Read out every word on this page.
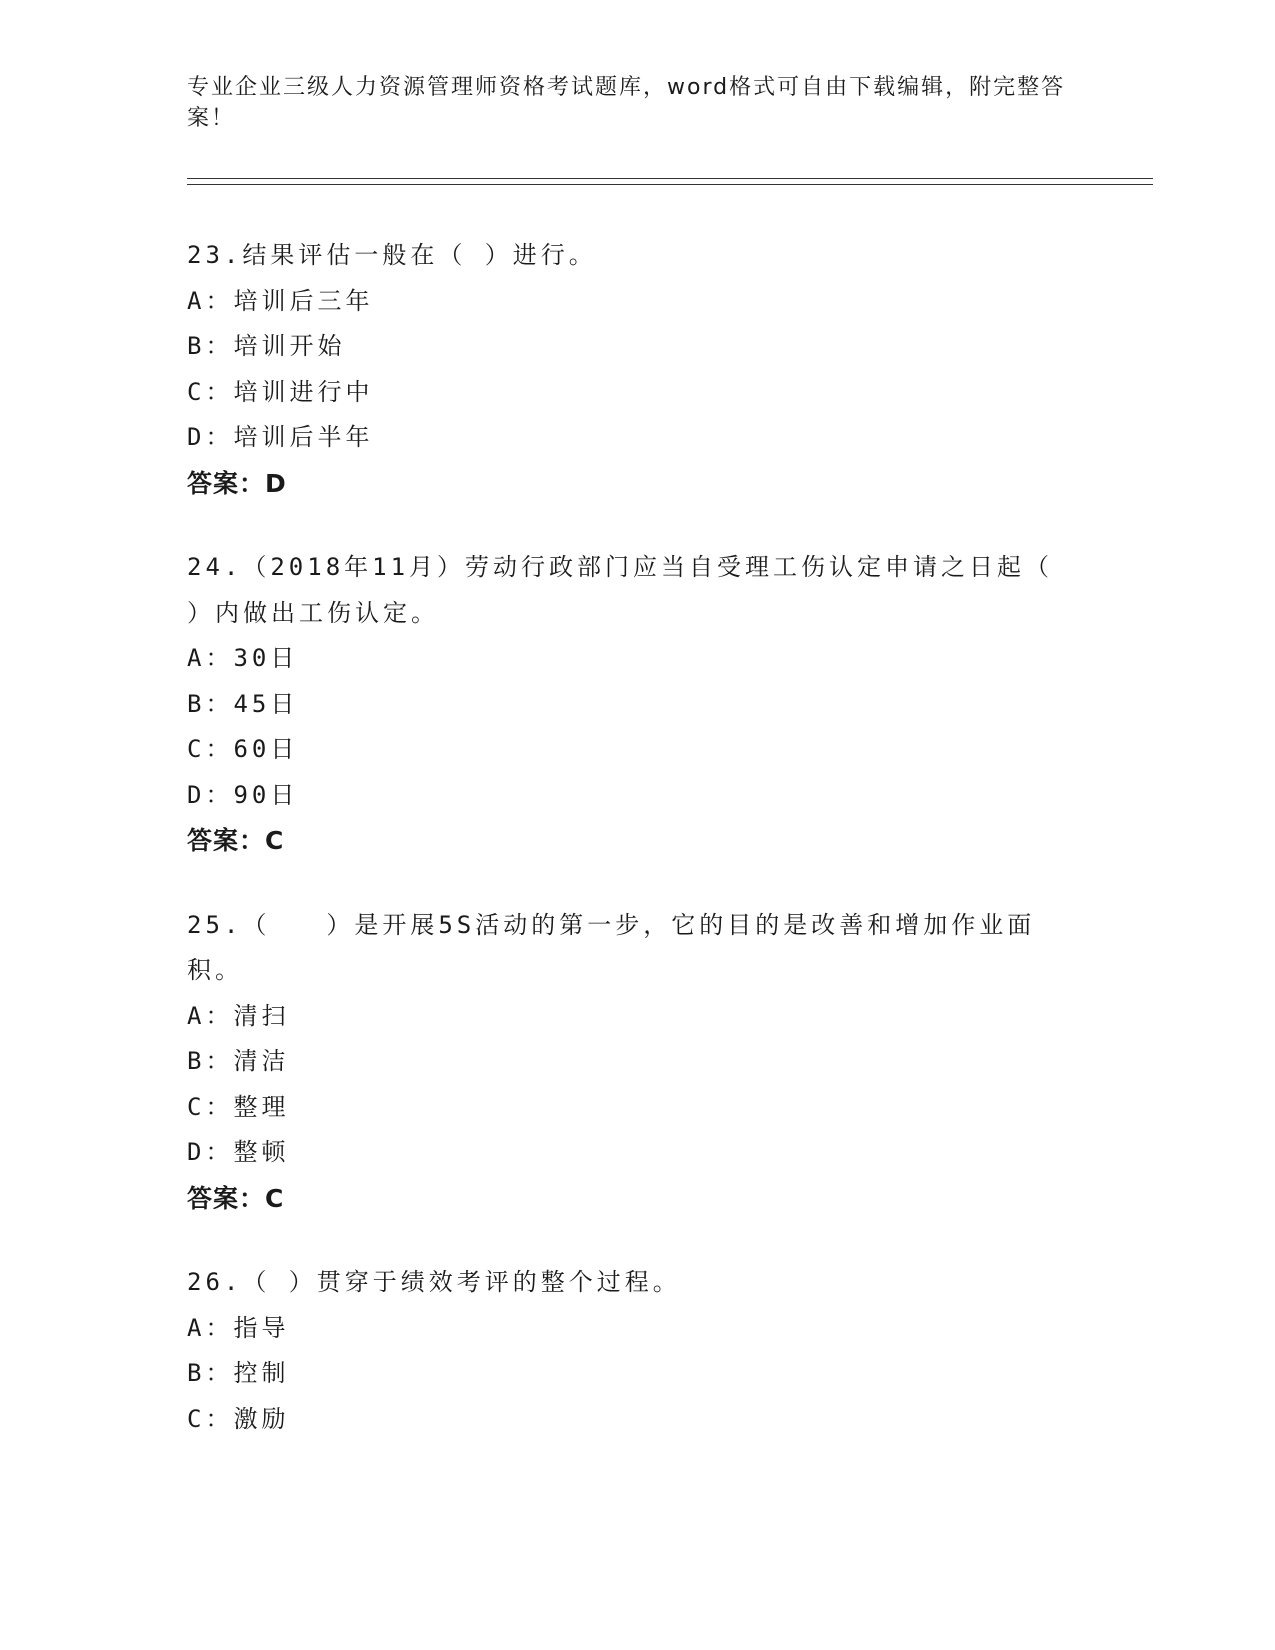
专业企业三级人力资源管理师资格考试题库，word格式可自由下载编辑，附完整答案！
23.结果评估一般在（ ）进行。
A：培训后三年
B：培训开始
C：培训进行中
D：培训后半年
答案：D
24.（2018年11月）劳动行政部门应当自受理工伤认定申请之日起（
）内做出工伤认定。
A：30日
B：45日
C：60日
D：90日
答案：C
25.（　　）是开展5S活动的第一步，它的目的是改善和增加作业面
积。
A：清扫
B：清洁
C：整理
D：整顿
答案：C
26.（ ）贯穿于绩效考评的整个过程。
A：指导
B：控制
C：激励
